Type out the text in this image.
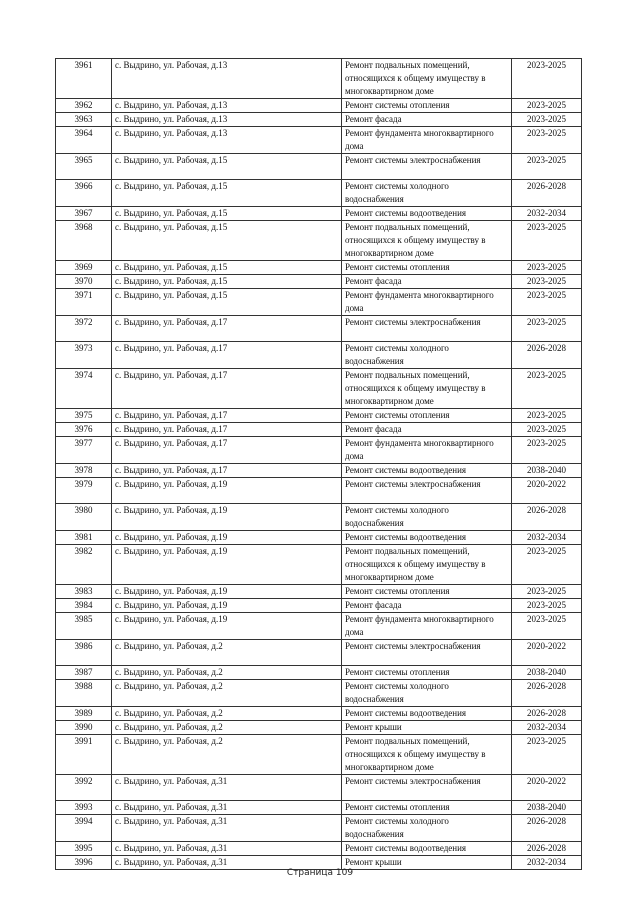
3961	с. Выдрино, ул. Рабочая, д.13	Ремонт подвальных помещений, относящихся к общему имуществу в многоквартирном доме	2023-2025
3962	с. Выдрино, ул. Рабочая, д.13	Ремонт системы отопления	2023-2025
3963	с. Выдрино, ул. Рабочая, д.13	Ремонт фасада	2023-2025
3964	с. Выдрино, ул. Рабочая, д.13	Ремонт фундамента многоквартирного дома	2023-2025
3965	с. Выдрино, ул. Рабочая, д.15	Ремонт системы электроснабжения	2023-2025
3966	с. Выдрино, ул. Рабочая, д.15	Ремонт системы холодного водоснабжения	2026-2028
3967	с. Выдрино, ул. Рабочая, д.15	Ремонт системы водоотведения	2032-2034
3968	с. Выдрино, ул. Рабочая, д.15	Ремонт подвальных помещений, относящихся к общему имуществу в многоквартирном доме	2023-2025
3969	с. Выдрино, ул. Рабочая, д.15	Ремонт системы отопления	2023-2025
3970	с. Выдрино, ул. Рабочая, д.15	Ремонт фасада	2023-2025
3971	с. Выдрино, ул. Рабочая, д.15	Ремонт фундамента многоквартирного дома	2023-2025
3972	с. Выдрино, ул. Рабочая, д.17	Ремонт системы электроснабжения	2023-2025
3973	с. Выдрино, ул. Рабочая, д.17	Ремонт системы холодного водоснабжения	2026-2028
3974	с. Выдрино, ул. Рабочая, д.17	Ремонт подвальных помещений, относящихся к общему имуществу в многоквартирном доме	2023-2025
3975	с. Выдрино, ул. Рабочая, д.17	Ремонт системы отопления	2023-2025
3976	с. Выдрино, ул. Рабочая, д.17	Ремонт фасада	2023-2025
3977	с. Выдрино, ул. Рабочая, д.17	Ремонт фундамента многоквартирного дома	2023-2025
3978	с. Выдрино, ул. Рабочая, д.17	Ремонт системы водоотведения	2038-2040
3979	с. Выдрино, ул. Рабочая, д.19	Ремонт системы электроснабжения	2020-2022
3980	с. Выдрино, ул. Рабочая, д.19	Ремонт системы холодного водоснабжения	2026-2028
3981	с. Выдрино, ул. Рабочая, д.19	Ремонт системы водоотведения	2032-2034
3982	с. Выдрино, ул. Рабочая, д.19	Ремонт подвальных помещений, относящихся к общему имуществу в многоквартирном доме	2023-2025
3983	с. Выдрино, ул. Рабочая, д.19	Ремонт системы отопления	2023-2025
3984	с. Выдрино, ул. Рабочая, д.19	Ремонт фасада	2023-2025
3985	с. Выдрино, ул. Рабочая, д.19	Ремонт фундамента многоквартирного дома	2023-2025
3986	с. Выдрино, ул. Рабочая, д.2	Ремонт системы электроснабжения	2020-2022
3987	с. Выдрино, ул. Рабочая, д.2	Ремонт системы отопления	2038-2040
3988	с. Выдрино, ул. Рабочая, д.2	Ремонт системы холодного водоснабжения	2026-2028
3989	с. Выдрино, ул. Рабочая, д.2	Ремонт системы водоотведения	2026-2028
3990	с. Выдрино, ул. Рабочая, д.2	Ремонт крыши	2032-2034
3991	с. Выдрино, ул. Рабочая, д.2	Ремонт подвальных помещений, относящихся к общему имуществу в многоквартирном доме	2023-2025
3992	с. Выдрино, ул. Рабочая, д.31	Ремонт системы электроснабжения	2020-2022
3993	с. Выдрино, ул. Рабочая, д.31	Ремонт системы отопления	2038-2040
3994	с. Выдрино, ул. Рабочая, д.31	Ремонт системы холодного водоснабжения	2026-2028
3995	с. Выдрино, ул. Рабочая, д.31	Ремонт системы водоотведения	2026-2028
3996	с. Выдрино, ул. Рабочая, д.31	Ремонт крыши	2032-2034
Страница 109
